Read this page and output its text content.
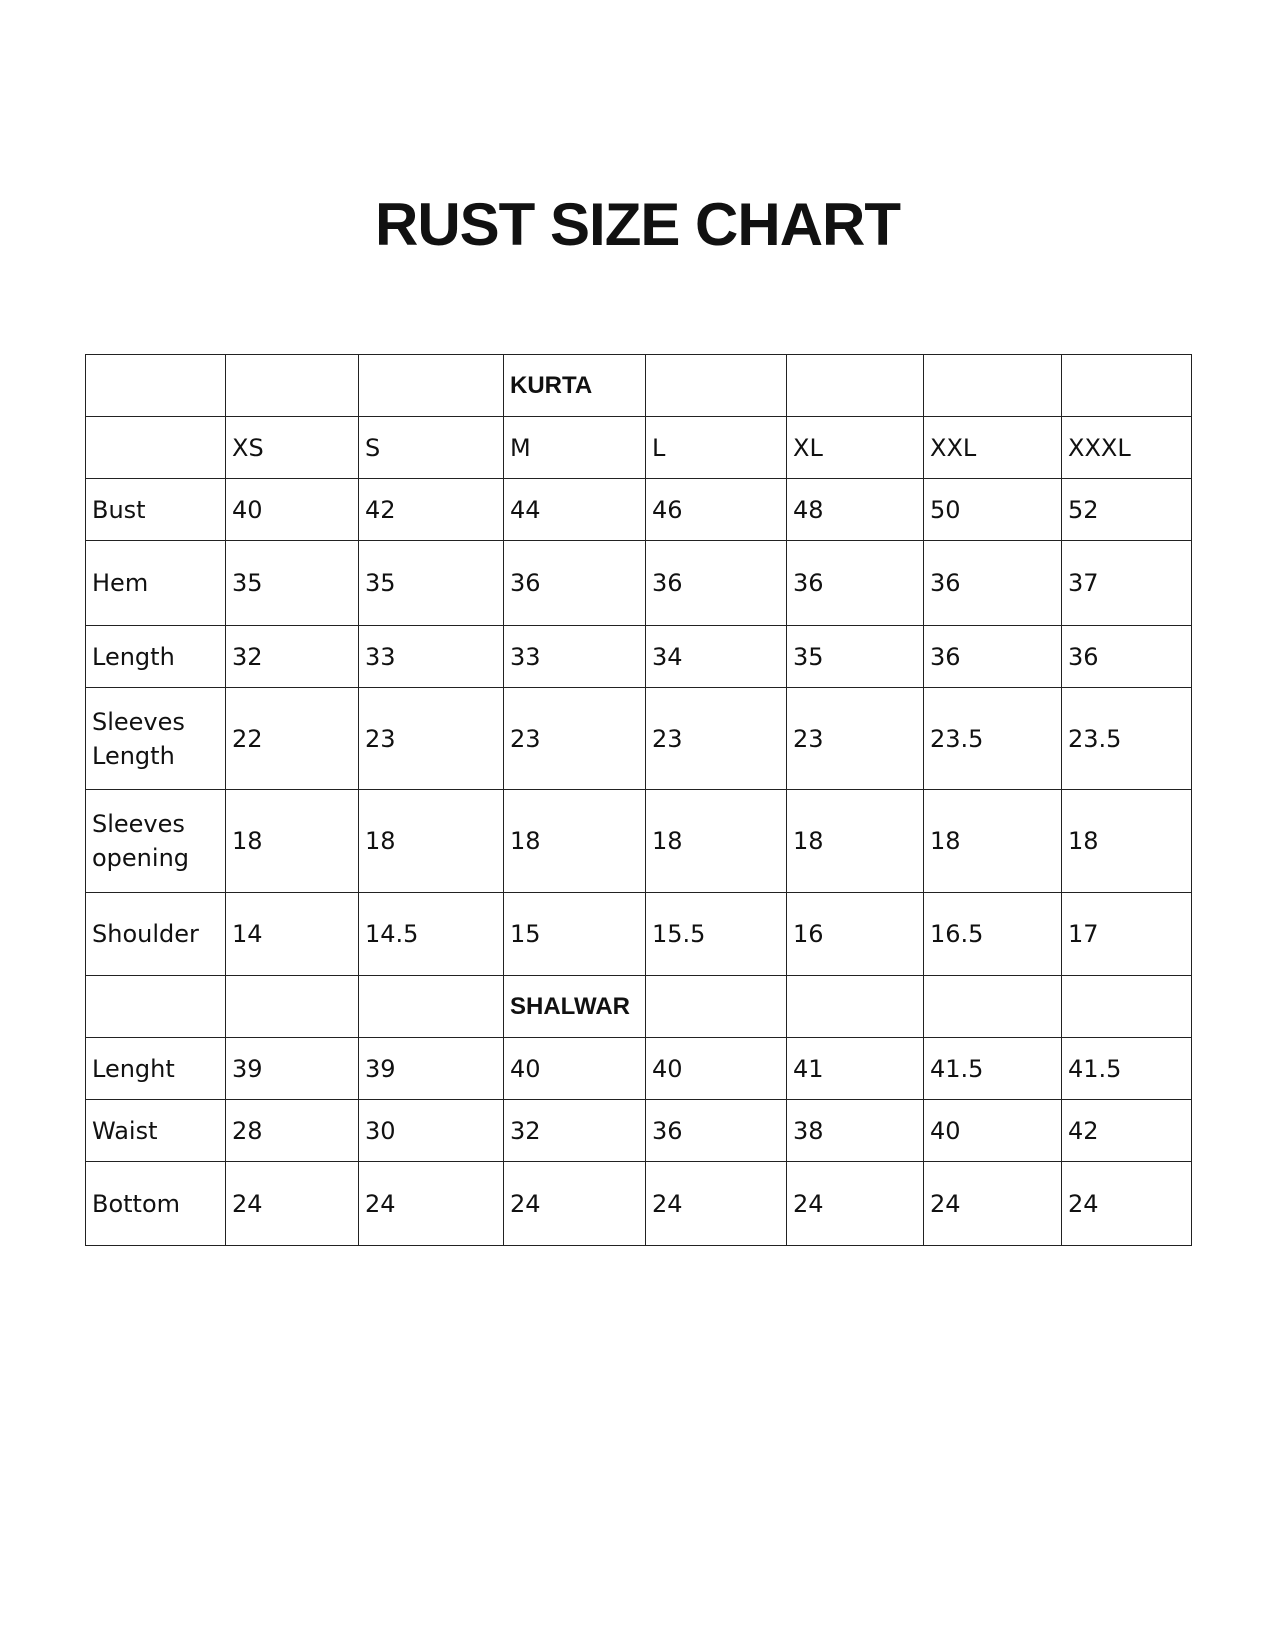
RUST SIZE CHART
			KURTA				
	XS	S	M	L	XL	XXL	XXXL
Bust	40	42	44	46	48	50	52
Hem	35	35	36	36	36	36	37
Length	32	33	33	34	35	36	36
Sleeves Length	22	23	23	23	23	23.5	23.5
Sleeves opening	18	18	18	18	18	18	18
Shoulder	14	14.5	15	15.5	16	16.5	17
			SHALWAR				
Lenght	39	39	40	40	41	41.5	41.5
Waist	28	30	32	36	38	40	42
Bottom	24	24	24	24	24	24	24
